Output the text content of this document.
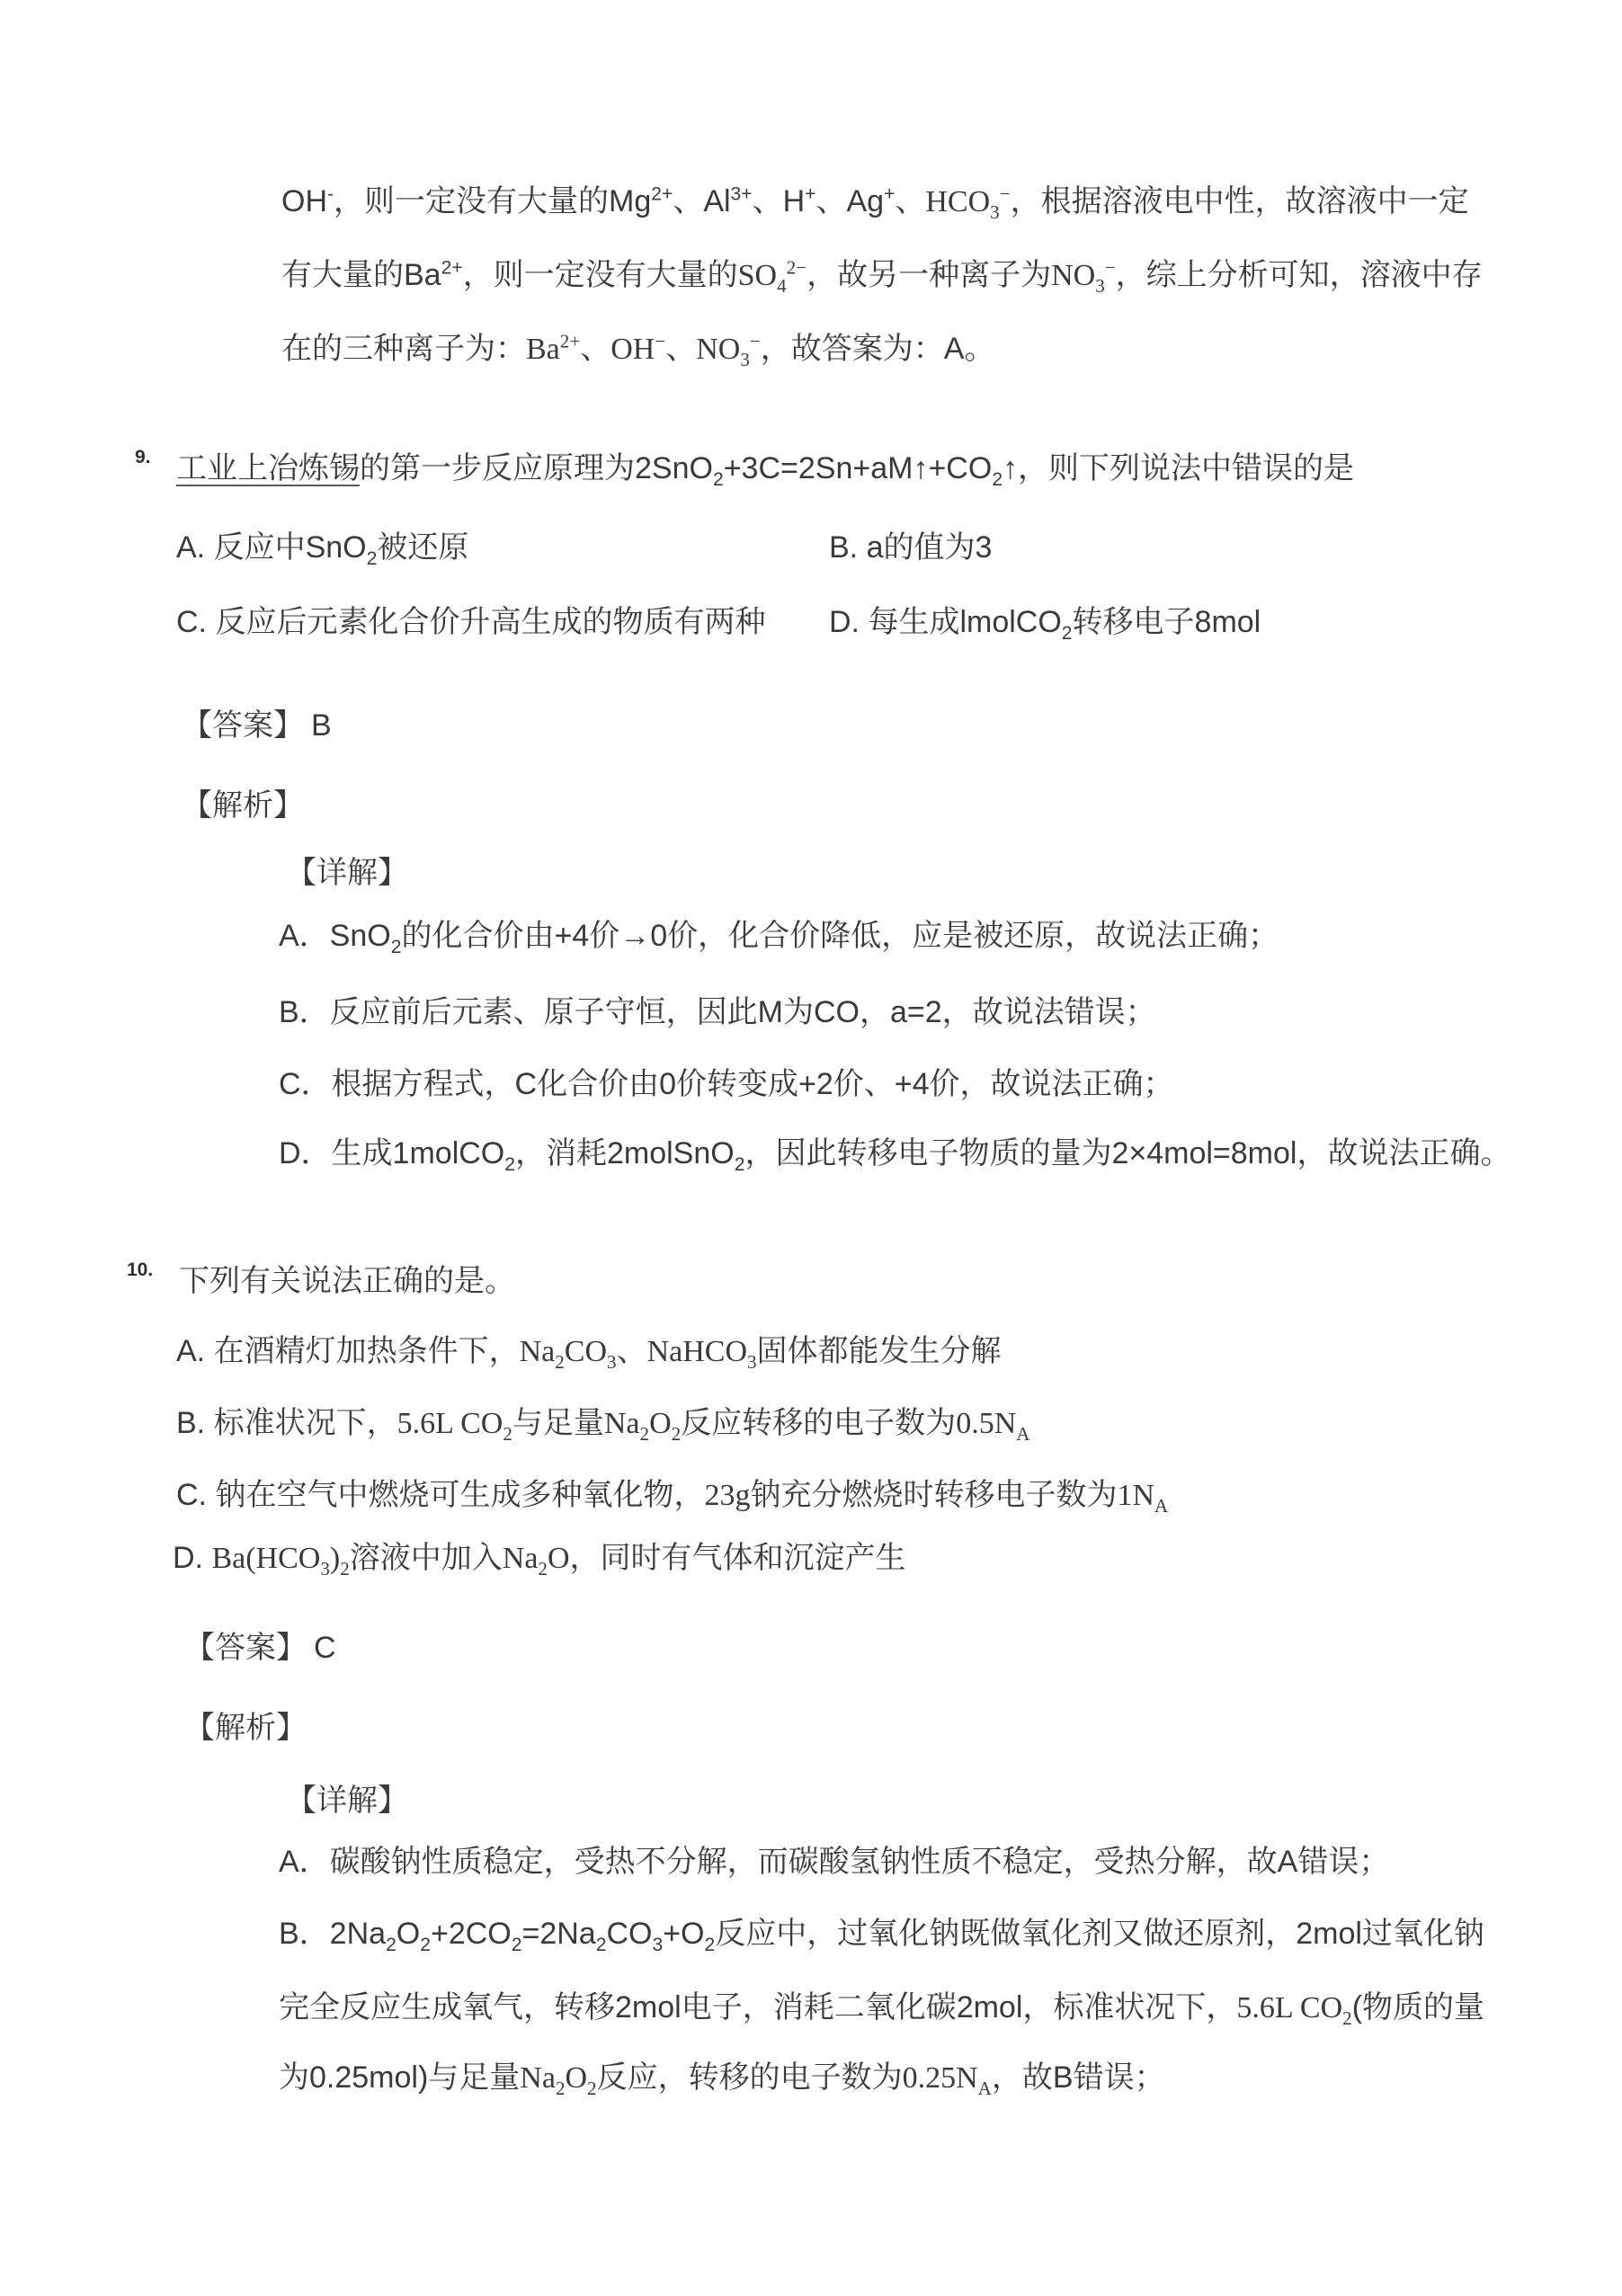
OH-，则一定没有大量的$Mg^{2+}$、$Al^{3+}$、H+、Ag+、$HCO_3^-$，根据溶液电中性，故溶液中一定
有大量的$Ba^{2+}$，则一定没有大量的$SO_4^{2-}$，故另一种离子为$NO_3^-$，综上分析可知，溶液中存
在的三种离子为：$Ba^{2+}$、OH−、$NO_3^-$，故答案为：A。
9. 工业上冶炼锡的第一步反应原理为$2SnO_2+3C=2Sn+aM↑+CO_2↑$，则下列说法中错误的是
A. 反应中SnO$_2$被还原	B. a的值为3
C. 反应后元素化合价升高生成的物质有两种 D. 每生成lmolCO$_2$转移电子8mol
【答案】 B
【解析】
【详解】
A．SnO$_2$的化合价由+4价→0价，化合价降低，应是被还原，故说法正确；
B．反应前后元素、原子守恒，因此M为CO，a=2，故说法错误；
C．根据方程式，C化合价由0价转变成+2价、+4价，故说法正确；
D．生成1molCO$_2$，消耗2molSnO$_2$，因此转移电子物质的量为2×4mol=8mol，故说法正确。
10. 下列有关说法正确的是。
A. 在酒精灯加热条件下，$Na_2CO_3$、NaHCO$_3$固体都能发生分解
B. 标准状况下，5.6L $CO_2$与足量$Na_2O_2$反应转移的电子数为$0.5N_A$
C. 钠在空气中燃烧可生成多种氧化物，23g钠充分燃烧时转移电子数为$1N_A$
D. $Ba(HCO_3)_2$溶液中加入$Na_2O$，同时有气体和沉淀产生
【答案】 C
【解析】
【详解】
A．碳酸钠性质稳定，受热不分解，而碳酸氢钠性质不稳定，受热分解，故A错误；
B．$2Na_2O_2+2CO_2=2Na_2CO_3+O_2$反应中，过氧化钠既做氧化剂又做还原剂，2mol过氧化钠
完全反应生成氧气，转移2mol电子，消耗二氧化碳2mol，标准状况下，5.6L $CO_2$(物质的量
为0.25mol)与足量$Na_2O_2$反应，转移的电子数为$0.25N_A$，故B错误；
